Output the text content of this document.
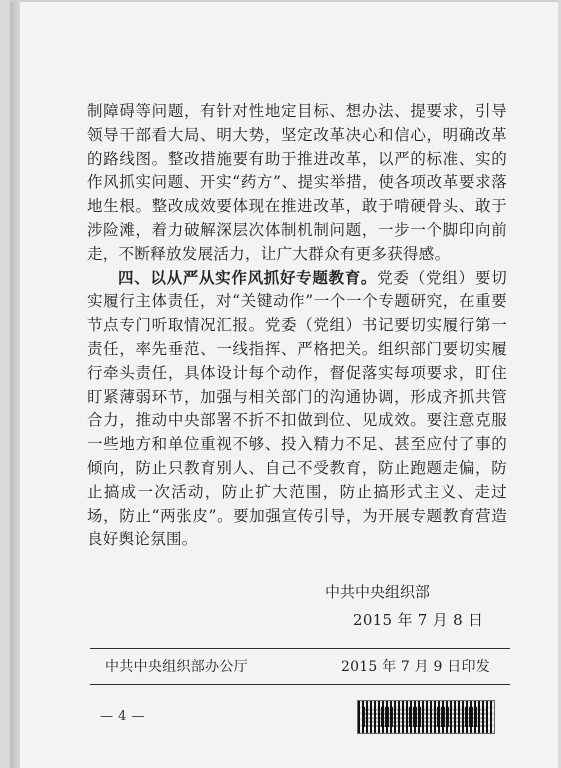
制障碍等问题，有针对性地定目标、想办法、提要求，引导领导干部看大局、明大势，坚定改革决心和信心，明确改革的路线图。整改措施要有助于推进改革，以严的标准、实的作风抓实问题、开实“药方”、提实举措，使各项改革要求落地生根。整改成效要体现在推进改革，敢于啃硬骨头、敢于涉险滩，着力破解深层次体制机制问题，一步一个脚印向前走，不断释放发展活力，让广大群众有更多获得感。

四、以从严从实作风抓好专题教育。党委（党组）要切实履行主体责任，对“关键动作”一个一个专题研究，在重要节点专门听取情况汇报。党委（党组）书记要切实履行第一责任，率先垂范、一线指挥、严格把关。组织部门要切实履行牵头责任，具体设计每个动作，督促落实每项要求，盯住盯紧薄弱环节，加强与相关部门的沟通协调，形成齐抓共管合力，推动中央部署不折不扣做到位、见成效。要注意克服一些地方和单位重视不够、投入精力不足、甚至应付了事的倾向，防止只教育别人、自己不受教育，防止跑题走偏，防止搞成一次活动，防止扩大范围，防止搞形式主义、走过场，防止“两张皮”。要加强宣传引导，为开展专题教育营造良好舆论氛围。

中共中央组织部
2015 年 7 月 8 日
中共中央组织部办公厅	2015 年 7 月 9 日印发
— 4 —
